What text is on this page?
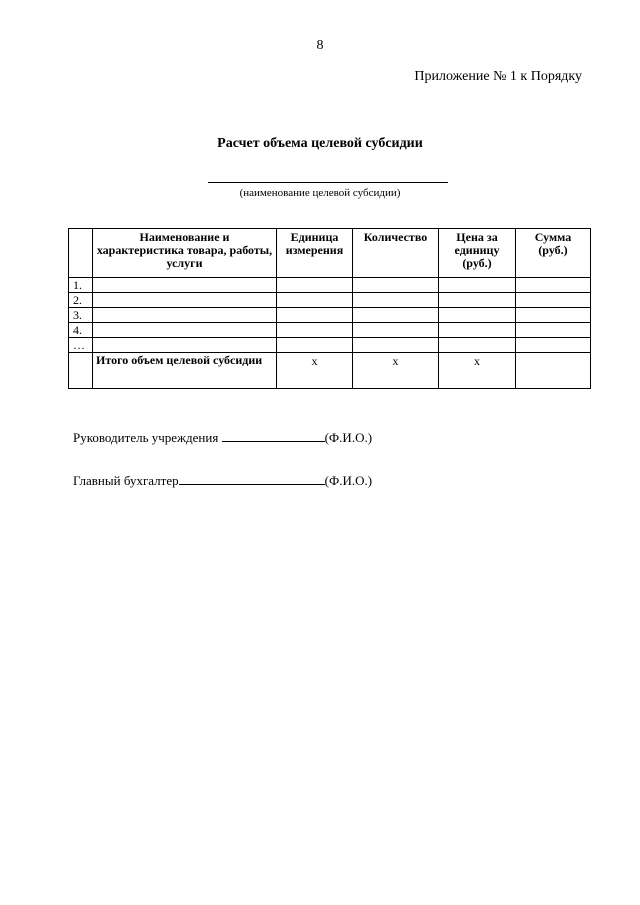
8
Приложение № 1 к Порядку
Расчет объема целевой субсидии
(наименование целевой субсидии)
	Наименование и характеристика товара, работы, услуги	Единица измерения	Количество	Цена за единицу (руб.)	Сумма (руб.)
1.					
2.					
3.					
4.					
…					
	Итого объем целевой субсидии	x	x	x	
Руководитель учреждения	(Ф.И.О.)
Главный бухгалтер	(Ф.И.О.)
